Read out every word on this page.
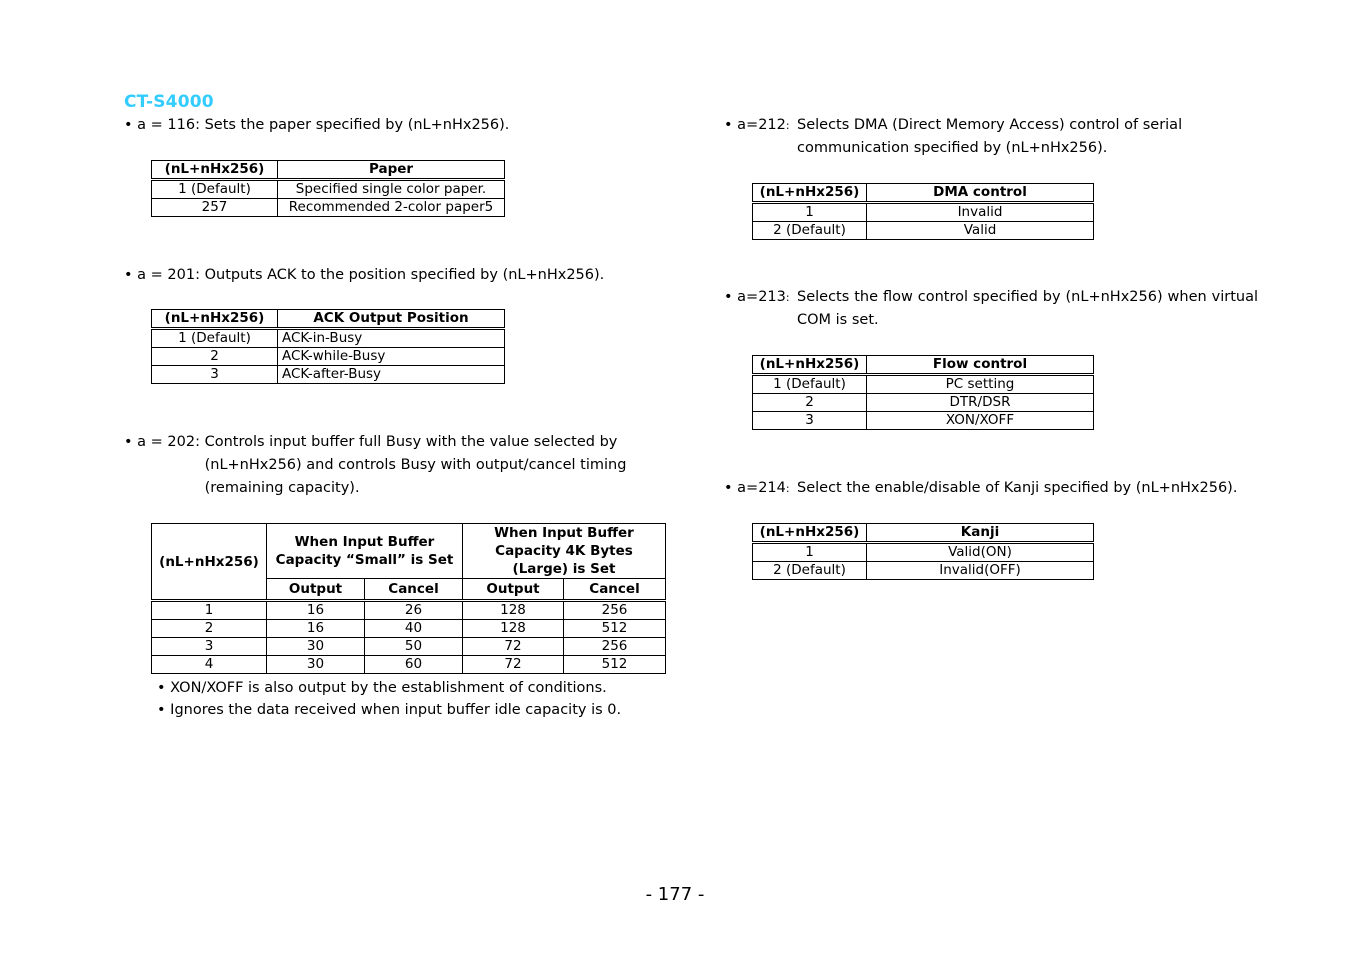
CT-S4000
• a = 116: Sets the paper specified by (nL+nHx256).
(nL+nHx256)	Paper
1 (Default)	Specified single color paper.
257	Recommended 2-color paper5
• a = 201: Outputs ACK to the position specified by (nL+nHx256).
(nL+nHx256)	ACK Output Position
1 (Default)	ACK-in-Busy
2	ACK-while-Busy
3	ACK-after-Busy
• a = 202: Controls input buffer full Busy with the value selected by
(nL+nHx256) and controls Busy with output/cancel timing
(remaining capacity).
(nL+nHx256)	When Input Buffer Capacity “Small” is Set		When Input Buffer Capacity 4K Bytes (Large) is Set	
	Output	Cancel	Output	Cancel
1	16	26	128	256
2	16	40	128	512
3	30	50	72	256
4	30	60	72	512
• XON/XOFF is also output by the establishment of conditions.
• Ignores the data received when input buffer idle capacity is 0.
• a=212: Selects DMA (Direct Memory Access) control of serial
communication specified by (nL+nHx256).
(nL+nHx256)	DMA control
1	Invalid
2 (Default)	Valid
• a=213: Selects the flow control specified by (nL+nHx256) when virtual
COM is set.
(nL+nHx256)	Flow control
1 (Default)	PC setting
2	DTR/DSR
3	XON/XOFF
• a=214: Select the enable/disable of Kanji specified by (nL+nHx256).
(nL+nHx256)	Kanji
1	Valid(ON)
2 (Default)	Invalid(OFF)
- 177 -
